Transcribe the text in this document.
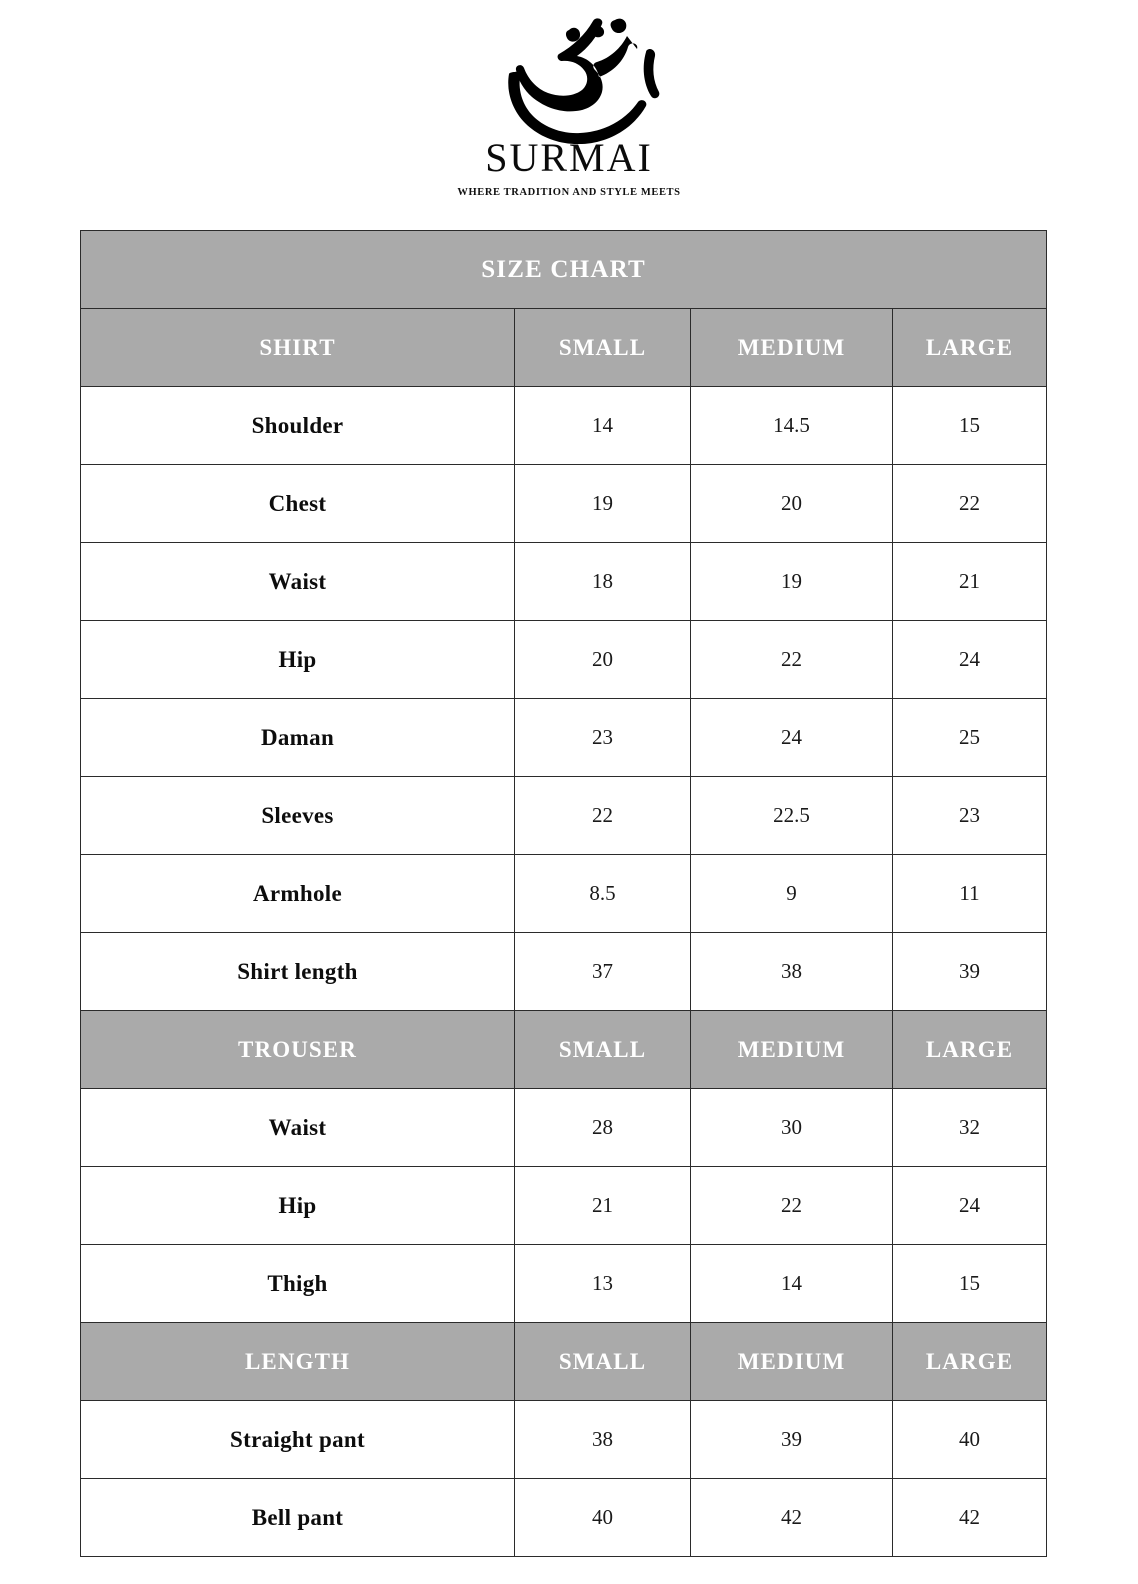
SURMAI
WHERE TRADITION AND STYLE MEETS
SIZE CHART			
SHIRT	SMALL	MEDIUM	LARGE
Shoulder	14	14.5	15
Chest	19	20	22
Waist	18	19	21
Hip	20	22	24
Daman	23	24	25
Sleeves	22	22.5	23
Armhole	8.5	9	11
Shirt length	37	38	39
TROUSER	SMALL	MEDIUM	LARGE
Waist	28	30	32
Hip	21	22	24
Thigh	13	14	15
LENGTH	SMALL	MEDIUM	LARGE
Straight pant	38	39	40
Bell pant	40	42	42
